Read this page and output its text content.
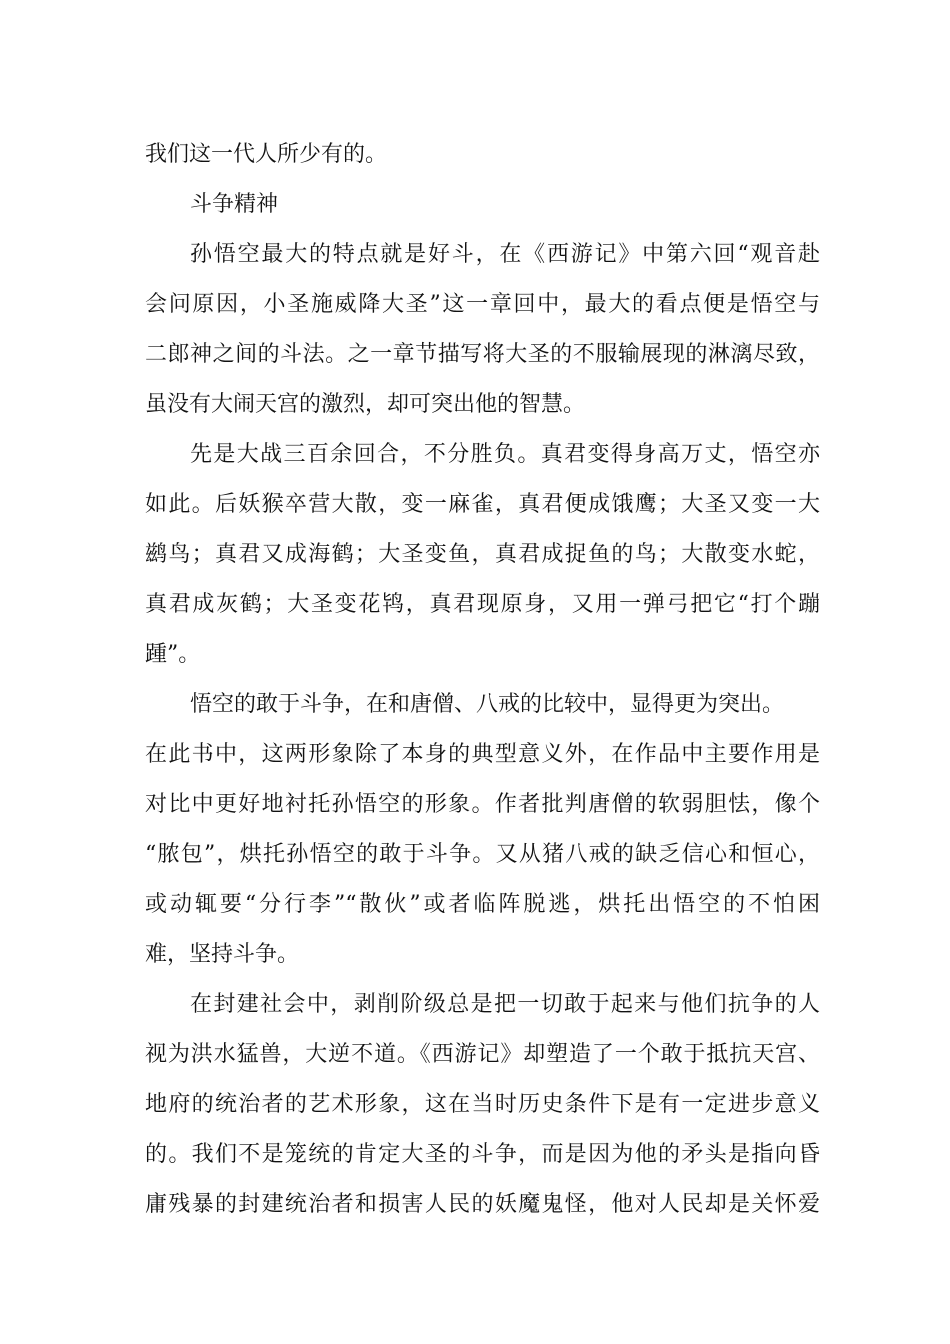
我们这一代人所少有的。
斗争精神
孙悟空最大的特点就是好斗，在《西游记》中第六回“观音赴
会问原因，小圣施威降大圣”这一章回中，最大的看点便是悟空与
二郎神之间的斗法。之一章节描写将大圣的不服输展现的淋漓尽致，
虽没有大闹天宫的激烈，却可突出他的智慧。
先是大战三百余回合，不分胜负。真君变得身高万丈，悟空亦
如此。后妖猴卒营大散，变一麻雀，真君便成饿鹰；大圣又变一大
鹚鸟；真君又成海鹤；大圣变鱼，真君成捉鱼的鸟；大散变水蛇，
真君成灰鹤；大圣变花鸨，真君现原身，又用一弹弓把它“打个蹦
踵”。
悟空的敢于斗争，在和唐僧、八戒的比较中，显得更为突出。
在此书中，这两形象除了本身的典型意义外，在作品中主要作用是
对比中更好地衬托孙悟空的形象。作者批判唐僧的软弱胆怯，像个
“脓包”，烘托孙悟空的敢于斗争。又从猪八戒的缺乏信心和恒心，
或动辄要“分行李”“散伙”或者临阵脱逃，烘托出悟空的不怕困
难，坚持斗争。
在封建社会中，剥削阶级总是把一切敢于起来与他们抗争的人
视为洪水猛兽，大逆不道。《西游记》却塑造了一个敢于抵抗天宫、
地府的统治者的艺术形象，这在当时历史条件下是有一定进步意义
的。我们不是笼统的肯定大圣的斗争，而是因为他的矛头是指向昏
庸残暴的封建统治者和损害人民的妖魔鬼怪，他对人民却是关怀爱
